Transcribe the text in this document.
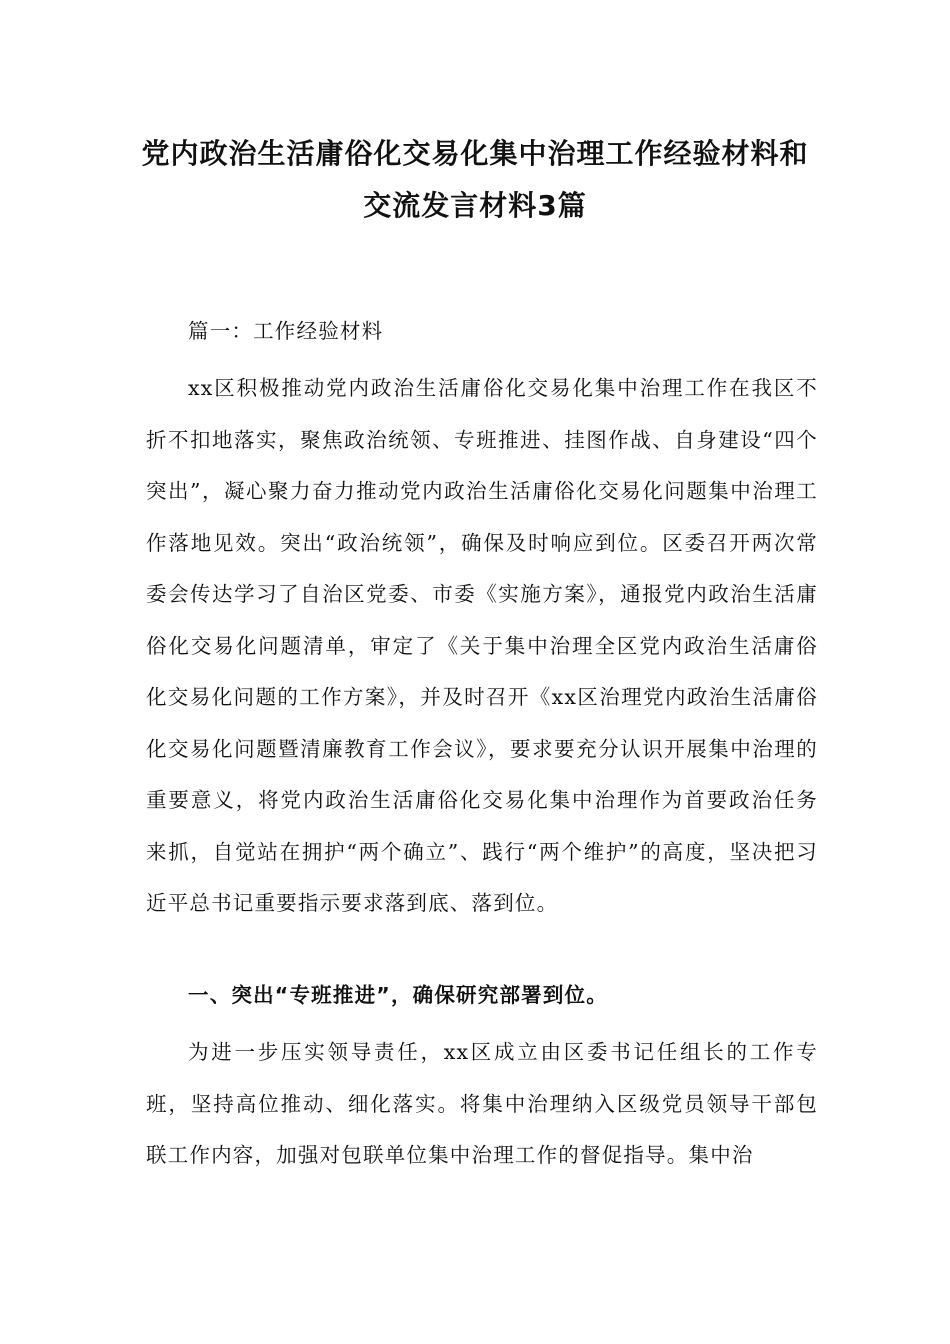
党内政治生活庸俗化交易化集中治理工作经验材料和
交流发言材料3篇

篇一：工作经验材料

xx区积极推动党内政治生活庸俗化交易化集中治理工作在我区不折不扣地落实，聚焦政治统领、专班推进、挂图作战、自身建设“四个突出”，凝心聚力奋力推动党内政治生活庸俗化交易化问题集中治理工作落地见效。突出“政治统领”，确保及时响应到位。区委召开两次常委会传达学习了自治区党委、市委《实施方案》，通报党内政治生活庸俗化交易化问题清单，审定了《关于集中治理全区党内政治生活庸俗化交易化问题的工作方案》，并及时召开《xx区治理党内政治生活庸俗化交易化问题暨清廉教育工作会议》，要求要充分认识开展集中治理的重要意义，将党内政治生活庸俗化交易化集中治理作为首要政治任务来抓，自觉站在拥护“两个确立”、践行“两个维护”的高度，坚决把习近平总书记重要指示要求落到底、落到位。

一、突出“专班推进”，确保研究部署到位。

为进一步压实领导责任，xx区成立由区委书记任组长的工作专班，坚持高位推动、细化落实。将集中治理纳入区级党员领导干部包联工作内容，加强对包联单位集中治理工作的督促指导。集中治
